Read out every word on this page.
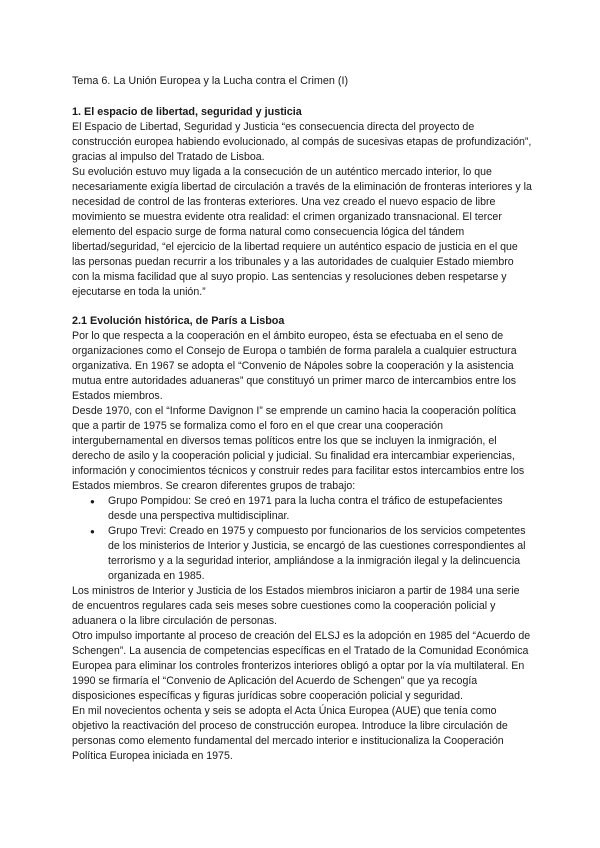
Tema 6. La Unión Europea y la Lucha contra el Crimen (I)
1. El espacio de libertad, seguridad y justicia

El Espacio de Libertad, Seguridad y Justicia “es consecuencia directa del proyecto de construcción europea habiendo evolucionado, al compás de sucesivas etapas de profundización”, gracias al impulso del Tratado de Lisboa.

Su evolución estuvo muy ligada a la consecución de un auténtico mercado interior, lo que necesariamente exigía libertad de circulación a través de la eliminación de fronteras interiores y la necesidad de control de las fronteras exteriores. Una vez creado el nuevo espacio de libre movimiento se muestra evidente otra realidad: el crimen organizado transnacional. El tercer elemento del espacio surge de forma natural como consecuencia lógica del tándem libertad/seguridad, “el ejercicio de la libertad requiere un auténtico espacio de justicia en el que las personas puedan recurrir a los tribunales y a las autoridades de cualquier Estado miembro con la misma facilidad que al suyo propio. Las sentencias y resoluciones deben respetarse y ejecutarse en toda la unión.”

2.1 Evolución histórica, de París a Lisboa

Por lo que respecta a la cooperación en el ámbito europeo, ésta se efectuaba en el seno de organizaciones como el Consejo de Europa o también de forma paralela a cualquier estructura organizativa. En 1967 se adopta el “Convenio de Nápoles sobre la cooperación y la asistencia mutua entre autoridades aduaneras” que constituyó un primer marco de intercambios entre los Estados miembros.

Desde 1970, con el “Informe Davignon I” se emprende un camino hacia la cooperación política que a partir de 1975 se formaliza como el foro en el que crear una cooperación intergubernamental en diversos temas políticos entre los que se incluyen la inmigración, el derecho de asilo y la cooperación policial y judicial. Su finalidad era intercambiar experiencias, información y conocimientos técnicos y construir redes para facilitar estos intercambios entre los Estados miembros. Se crearon diferentes grupos de trabajo:

● Grupo Pompidou: Se creó en 1971 para la lucha contra el tráfico de estupefacientes desde una perspectiva multidisciplinar.
● Grupo Trevi: Creado en 1975 y compuesto por funcionarios de los servicios competentes de los ministerios de Interior y Justicia, se encargó de las cuestiones correspondientes al terrorismo y a la seguridad interior, ampliándose a la inmigración ilegal y la delincuencia organizada en 1985.

Los ministros de Interior y Justicia de los Estados miembros iniciaron a partir de 1984 una serie de encuentros regulares cada seis meses sobre cuestiones como la cooperación policial y aduanera o la libre circulación de personas.

Otro impulso importante al proceso de creación del ELSJ es la adopción en 1985 del “Acuerdo de Schengen”. La ausencia de competencias específicas en el Tratado de la Comunidad Económica Europea para eliminar los controles fronterizos interiores obligó a optar por la vía multilateral. En 1990 se firmaría el “Convenio de Aplicación del Acuerdo de Schengen” que ya recogía disposiciones específicas y figuras jurídicas sobre cooperación policial y seguridad.

En mil novecientos ochenta y seis se adopta el Acta Única Europea (AUE) que tenía como objetivo la reactivación del proceso de construcción europea. Introduce la libre circulación de personas como elemento fundamental del mercado interior e institucionaliza la Cooperación Política Europea iniciada en 1975.
